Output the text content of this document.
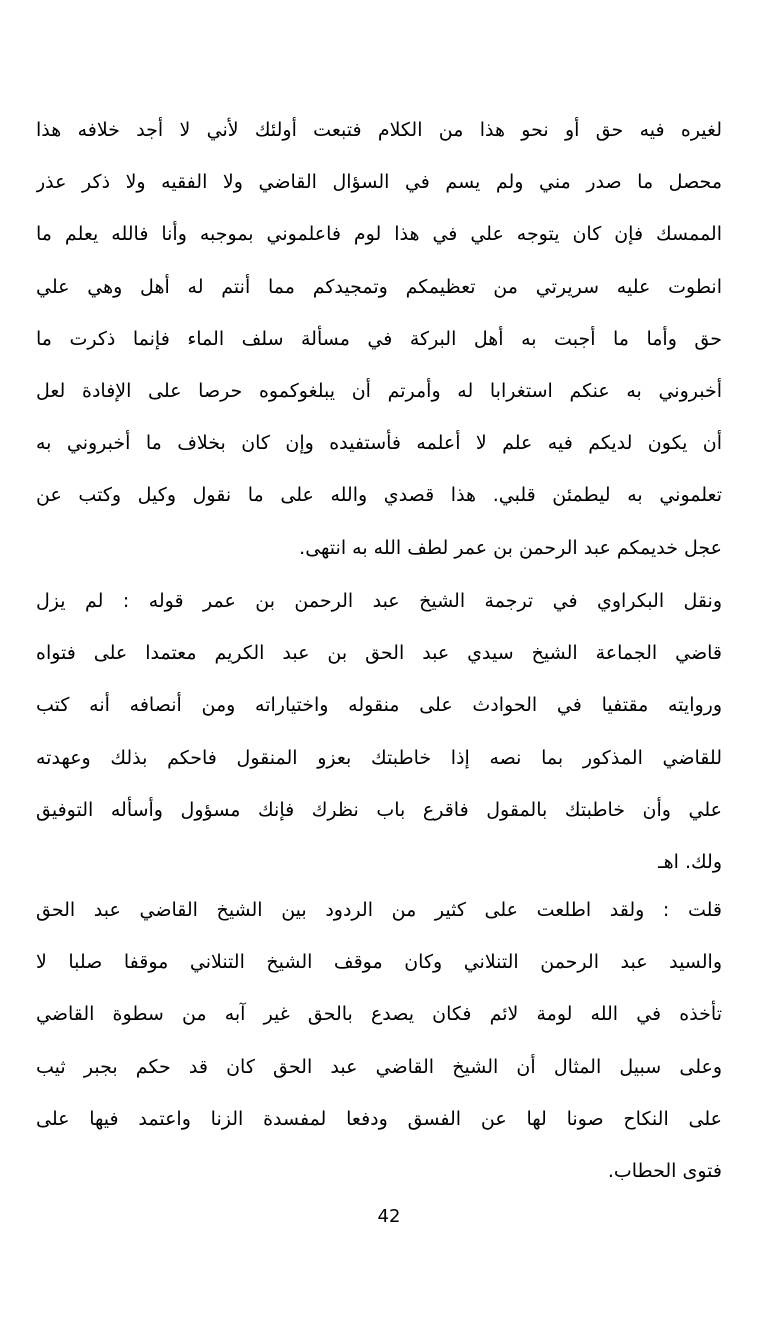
لغيره فيه حق أو نحو هذا من الكلام فتبعت أولئك لأني لا أجد خلافه هذا
محصل ما صدر مني ولم يسم في السؤال القاضي ولا الفقيه ولا ذكر عذر
الممسك فإن كان يتوجه علي في هذا لوم فاعلموني بموجبه وأنا فالله يعلم ما
انطوت عليه سريرتي من تعظيمكم وتمجيدكم مما أنتم له أهل وهي علي
حق وأما ما أجبت به أهل البركة في مسألة سلف الماء فإنما ذكرت ما
أخبروني به عنكم استغرابا له وأمرتم أن يبلغوكموه حرصا على الإفادة لعل
أن يكون لديكم فيه علم لا أعلمه فأستفيده وإن كان بخلاف ما أخبروني به
تعلموني به ليطمئن قلبي. هذا قصدي والله على ما نقول وكيل وكتب عن
عجل خديمكم عبد الرحمن بن عمر لطف الله به انتهى.
ونقل البكراوي في ترجمة الشيخ عبد الرحمن بن عمر قوله : لم يزل
قاضي الجماعة الشيخ سيدي عبد الحق بن عبد الكريم معتمدا على فتواه
وروايته مقتفيا في الحوادث على منقوله واختياراته ومن أنصافه أنه كتب
للقاضي المذكور بما نصه إذا خاطبتك بعزو المنقول فاحكم بذلك وعهدته
علي وأن خاطبتك بالمقول فاقرع باب نظرك فإنك مسؤول وأسأله التوفيق
ولك. اهـ
قلت : ولقد اطلعت على كثير من الردود بين الشيخ القاضي عبد الحق
والسيد عبد الرحمن التنلاني وكان موقف الشيخ التنلاني موقفا صلبا لا
تأخذه في الله لومة لائم فكان يصدع بالحق غير آبه من سطوة القاضي
وعلى سبيل المثال أن الشيخ القاضي عبد الحق كان قد حكم بجبر ثيب
على النكاح صونا لها عن الفسق ودفعا لمفسدة الزنا واعتمد فيها على
فتوى الحطاب.
42
